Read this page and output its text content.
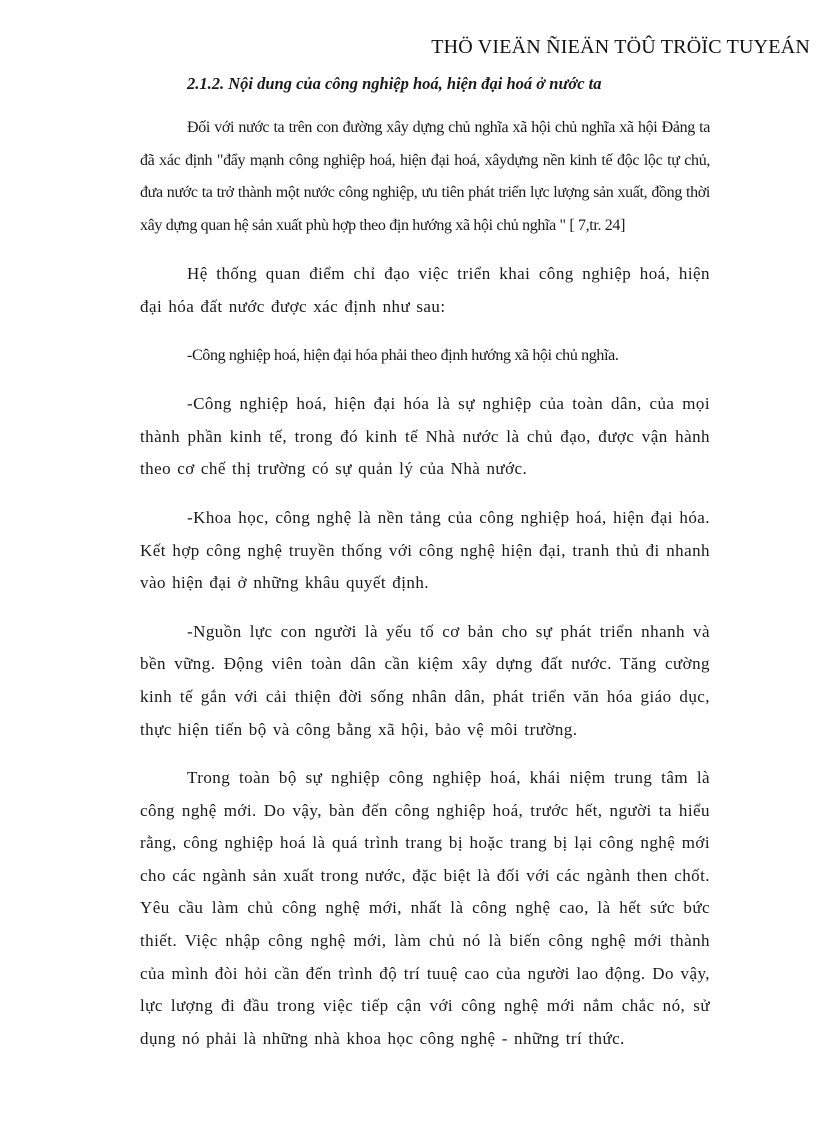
THÖ VIEÄN ÑIEÄN TÖÛ TRÖÏC TUYEÁN
2.1.2. Nội dung của công nghiệp hoá, hiện đại hoá ở nước ta

Đối với nước ta trên con đường xây dựng chủ nghĩa xã hội chủ nghĩa xã hội Đảng ta đã xác định "đẩy mạnh công nghiệp hoá, hiện đại hoá, xâydựng nền kinh tế độc lộc tự chủ, đưa nước ta trở thành một nước công nghiệp, ưu tiên phát triển lực lượng sản xuất, đồng thời xây dựng quan hệ sản xuất phù hợp theo địn hướng xã hội chủ nghĩa " [ 7,tr. 24]

Hệ thống quan điểm chỉ đạo việc triển khai công nghiệp hoá, hiện đại hóa đất nước được xác định như sau:

-Công nghiệp hoá, hiện đại hóa phải theo định hướng xã hội chủ nghĩa.

-Công nghiệp hoá, hiện đại hóa là sự nghiệp của toàn dân, của mọi thành phần kinh tế, trong đó kinh tế Nhà nước là chủ đạo, được vận hành theo cơ chế thị trường có sự quản lý của Nhà nước.

-Khoa học, công nghệ là nền tảng của công nghiệp hoá, hiện đại hóa. Kết hợp công nghệ truyền thống với công nghệ hiện đại, tranh thủ đi nhanh vào hiện đại ở những khâu quyết định.

-Nguồn lực con người là yếu tố cơ bản cho sự phát triển nhanh và bền vững. Động viên toàn dân cần kiệm xây dựng đất nước. Tăng cường kinh tế gắn với cải thiện đời sống nhân dân, phát triển văn hóa giáo dục, thực hiện tiến bộ và công bằng xã hội, bảo vệ môi trường.

Trong toàn bộ sự nghiệp công nghiệp hoá, khái niệm trung tâm là công nghệ mới. Do vậy, bàn đến công nghiệp hoá, trước hết, người ta hiểu rằng, công nghiệp hoá là quá trình trang bị hoặc trang bị lại công nghệ mới cho các ngành sản xuất trong nước, đặc biệt là đối với các ngành then chốt. Yêu cầu làm chủ công nghệ mới, nhất là công nghệ cao, là hết sức bức thiết. Việc nhập công nghệ mới, làm chủ nó là biến công nghệ mới thành của mình đòi hỏi cần đến trình độ trí tuuệ cao của người lao động. Do vậy, lực lượng đi đầu trong việc tiếp cận với công nghệ mới nắm chắc nó, sử dụng nó phải là những nhà khoa học công nghệ - những trí thức.
